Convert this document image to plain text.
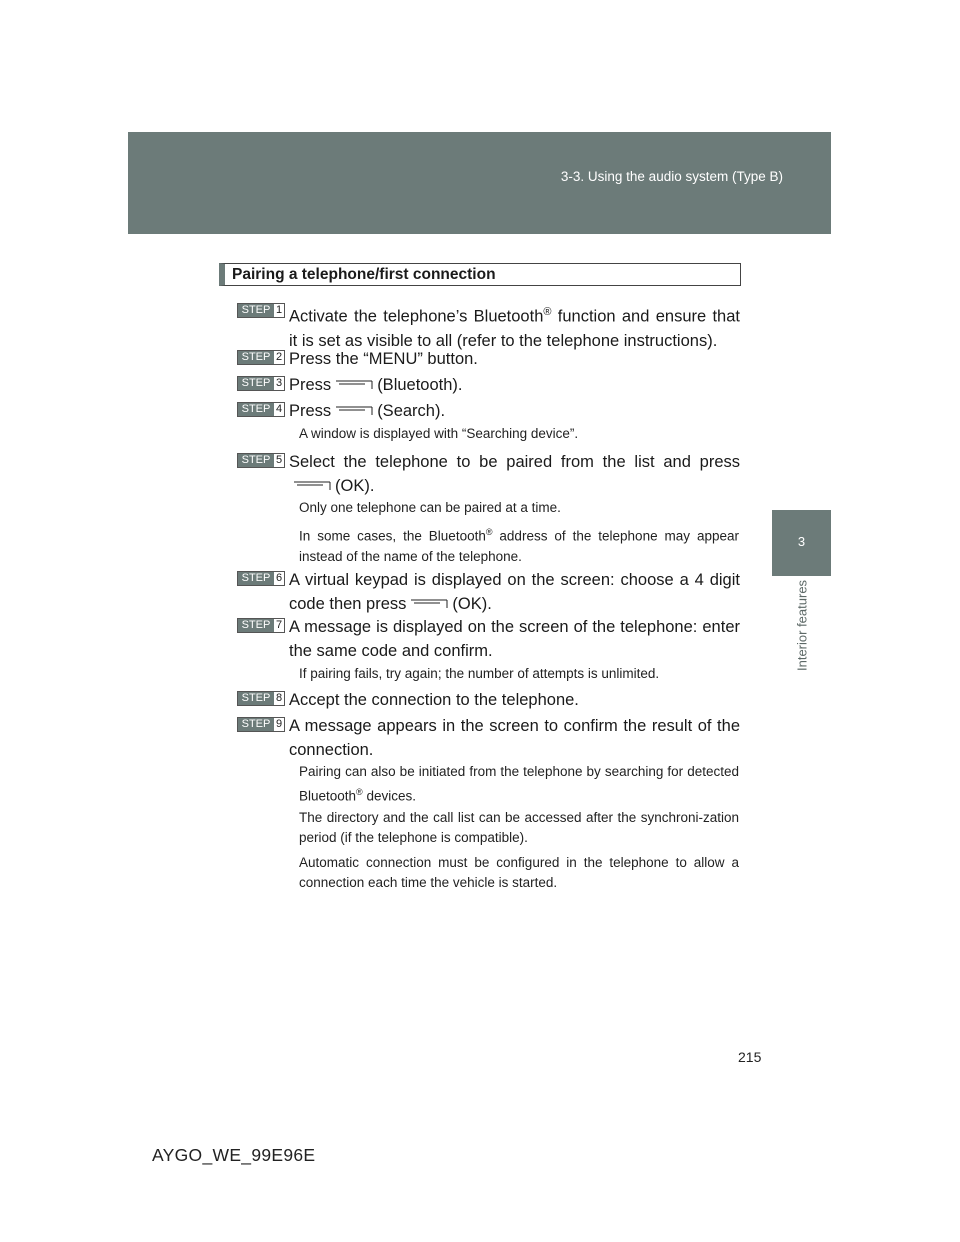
3-3. Using the audio system (Type B)
3
Interior features
Pairing a telephone/first connection
STEP 1 Activate the telephone’s Bluetooth® function and ensure that it is set as visible to all (refer to the telephone instructions).
STEP 2 Press the “MENU” button.
STEP 3 Press	(Bluetooth).
STEP 4 Press	(Search).
A window is displayed with “Searching device”.
STEP 5 Select the telephone to be paired from the list and press (OK).
Only one telephone can be paired at a time.
In some cases, the Bluetooth® address of the telephone may appear instead of the name of the telephone.
STEP 6 A virtual keypad is displayed on the screen: choose a 4 digit code then press	(OK).
STEP 7 A message is displayed on the screen of the telephone: enter the same code and confirm.
If pairing fails, try again; the number of attempts is unlimited.
STEP 8 Accept the connection to the telephone.
STEP 9 A message appears in the screen to confirm the result of the connection.
Pairing can also be initiated from the telephone by searching for detected Bluetooth® devices.
The directory and the call list can be accessed after the synchroni-zation period (if the telephone is compatible).
Automatic connection must be configured in the telephone to allow a connection each time the vehicle is started.
215
AYGO_WE_99E96E
